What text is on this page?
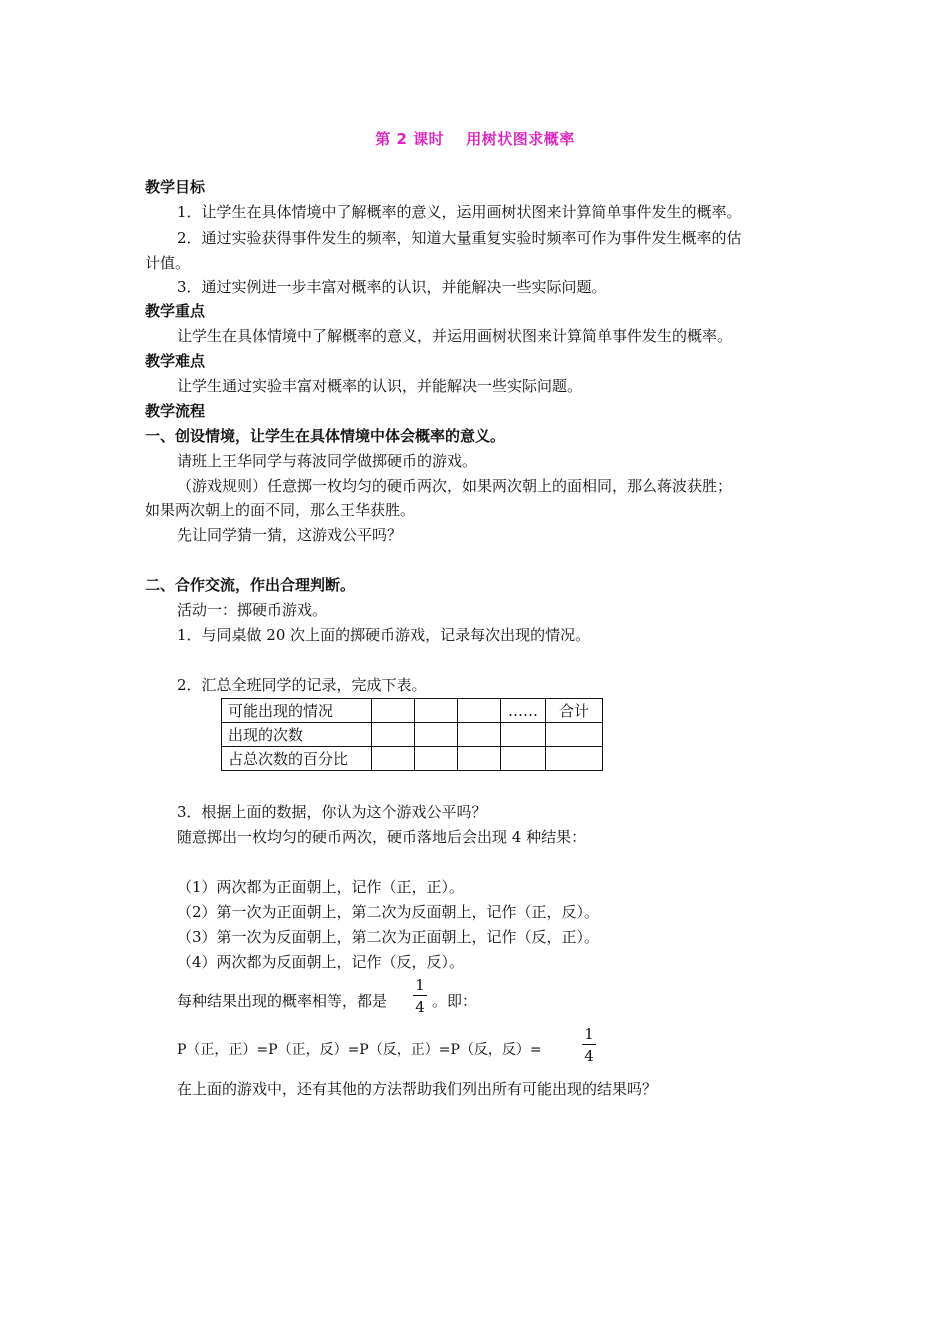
第 2 课时 用树状图求概率
教学目标
1．让学生在具体情境中了解概率的意义，运用画树状图来计算简单事件发生的概率。
2．通过实验获得事件发生的频率，知道大量重复实验时频率可作为事件发生概率的估
计值。
3．通过实例进一步丰富对概率的认识，并能解决一些实际问题。
教学重点
让学生在具体情境中了解概率的意义，并运用画树状图来计算简单事件发生的概率。
教学难点
让学生通过实验丰富对概率的认识，并能解决一些实际问题。
教学流程
一、创设情境，让学生在具体情境中体会概率的意义。
请班上王华同学与蒋波同学做掷硬币的游戏。
（游戏规则）任意掷一枚均匀的硬币两次，如果两次朝上的面相同，那么蒋波获胜；
如果两次朝上的面不同，那么王华获胜。
先让同学猜一猜，这游戏公平吗？
二、合作交流，作出合理判断。
活动一：掷硬币游戏。
1．与同桌做 20 次上面的掷硬币游戏，记录每次出现的情况。
2．汇总全班同学的记录，完成下表。
可能出现的情况				……	合计
出现的次数					
占总次数的百分比					
3．根据上面的数据，你认为这个游戏公平吗？
随意掷出一枚均匀的硬币两次，硬币落地后会出现 4 种结果：
（1）两次都为正面朝上，记作（正，正）。
（2）第一次为正面朝上，第二次为反面朝上，记作（正，反）。
（3）第一次为反面朝上，第二次为正面朝上，记作（反，正）。
（4）两次都为反面朝上，记作（反，反）。
每种结果出现的概率相等，都是
1
4 。即：
P（正，正）=P（正，反）=P（反，正）=P（反，反）=
1
4
在上面的游戏中，还有其他的方法帮助我们列出所有可能出现的结果吗？
